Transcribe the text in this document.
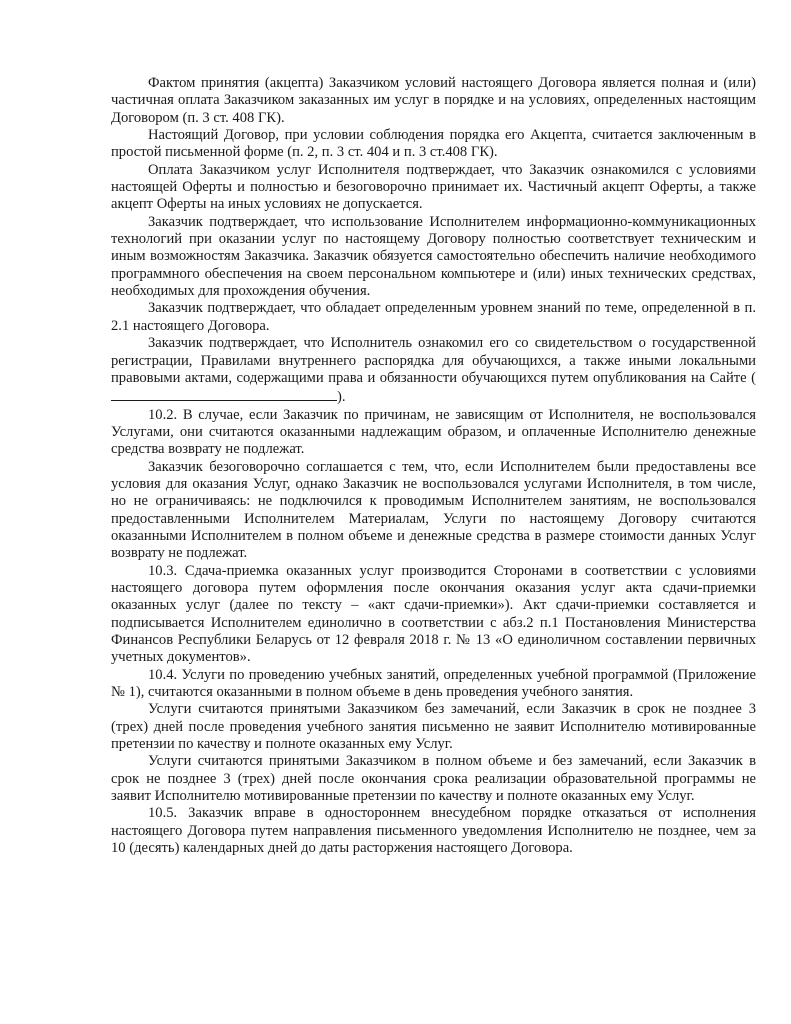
Фактом принятия (акцепта) Заказчиком условий настоящего Договора является полная и (или) частичная оплата Заказчиком заказанных им услуг в порядке и на условиях, определенных настоящим Договором (п. 3 ст. 408 ГК).

Настоящий Договор, при условии соблюдения порядка его Акцепта, считается заключенным в простой письменной форме (п. 2, п. 3 ст. 404 и п. 3 ст.408 ГК).

Оплата Заказчиком услуг Исполнителя подтверждает, что Заказчик ознакомился с условиями настоящей Оферты и полностью и безоговорочно принимает их. Частичный акцепт Оферты, а также акцепт Оферты на иных условиях не допускается.

Заказчик подтверждает, что использование Исполнителем информационно-коммуникационных технологий при оказании услуг по настоящему Договору полностью соответствует техническим и иным возможностям Заказчика. Заказчик обязуется самостоятельно обеспечить наличие необходимого программного обеспечения на своем персональном компьютере и (или) иных технических средствах, необходимых для прохождения обучения.

Заказчик подтверждает, что обладает определенным уровнем знаний по теме, определенной в п. 2.1 настоящего Договора.

Заказчик подтверждает, что Исполнитель ознакомил его со свидетельством о государственной регистрации, Правилами внутреннего распорядка для обучающихся, а также иными локальными правовыми актами, содержащими права и обязанности обучающихся путем опубликования на Сайте ().

10.2. В случае, если Заказчик по причинам, не зависящим от Исполнителя, не воспользовался Услугами, они считаются оказанными надлежащим образом, и оплаченные Исполнителю денежные средства возврату не подлежат.

Заказчик безоговорочно соглашается с тем, что, если Исполнителем были предоставлены все условия для оказания Услуг, однако Заказчик не воспользовался услугами Исполнителя, в том числе, но не ограничиваясь: не подключился к проводимым Исполнителем занятиям, не воспользовался предоставленными Исполнителем Материалам, Услуги по настоящему Договору считаются оказанными Исполнителем в полном объеме и денежные средства в размере стоимости данных Услуг возврату не подлежат.

10.3. Сдача-приемка оказанных услуг производится Сторонами в соответствии с условиями настоящего договора путем оформления после окончания оказания услуг акта сдачи-приемки оказанных услуг (далее по тексту – «акт сдачи-приемки»). Акт сдачи-приемки составляется и подписывается Исполнителем единолично в соответствии с абз.2 п.1 Постановления Министерства Финансов Республики Беларусь от 12 февраля 2018 г. № 13 «О единоличном составлении первичных учетных документов».

10.4. Услуги по проведению учебных занятий, определенных учебной программой (Приложение № 1), считаются оказанными в полном объеме в день проведения учебного занятия.

Услуги считаются принятыми Заказчиком без замечаний, если Заказчик в срок не позднее 3 (трех) дней после проведения учебного занятия письменно не заявит Исполнителю мотивированные претензии по качеству и полноте оказанных ему Услуг.

Услуги считаются принятыми Заказчиком в полном объеме и без замечаний, если Заказчик в срок не позднее 3 (трех) дней после окончания срока реализации образовательной программы не заявит Исполнителю мотивированные претензии по качеству и полноте оказанных ему Услуг.

10.5. Заказчик вправе в одностороннем внесудебном порядке отказаться от исполнения настоящего Договора путем направления письменного уведомления Исполнителю не позднее, чем за 10 (десять) календарных дней до даты расторжения настоящего Договора.
